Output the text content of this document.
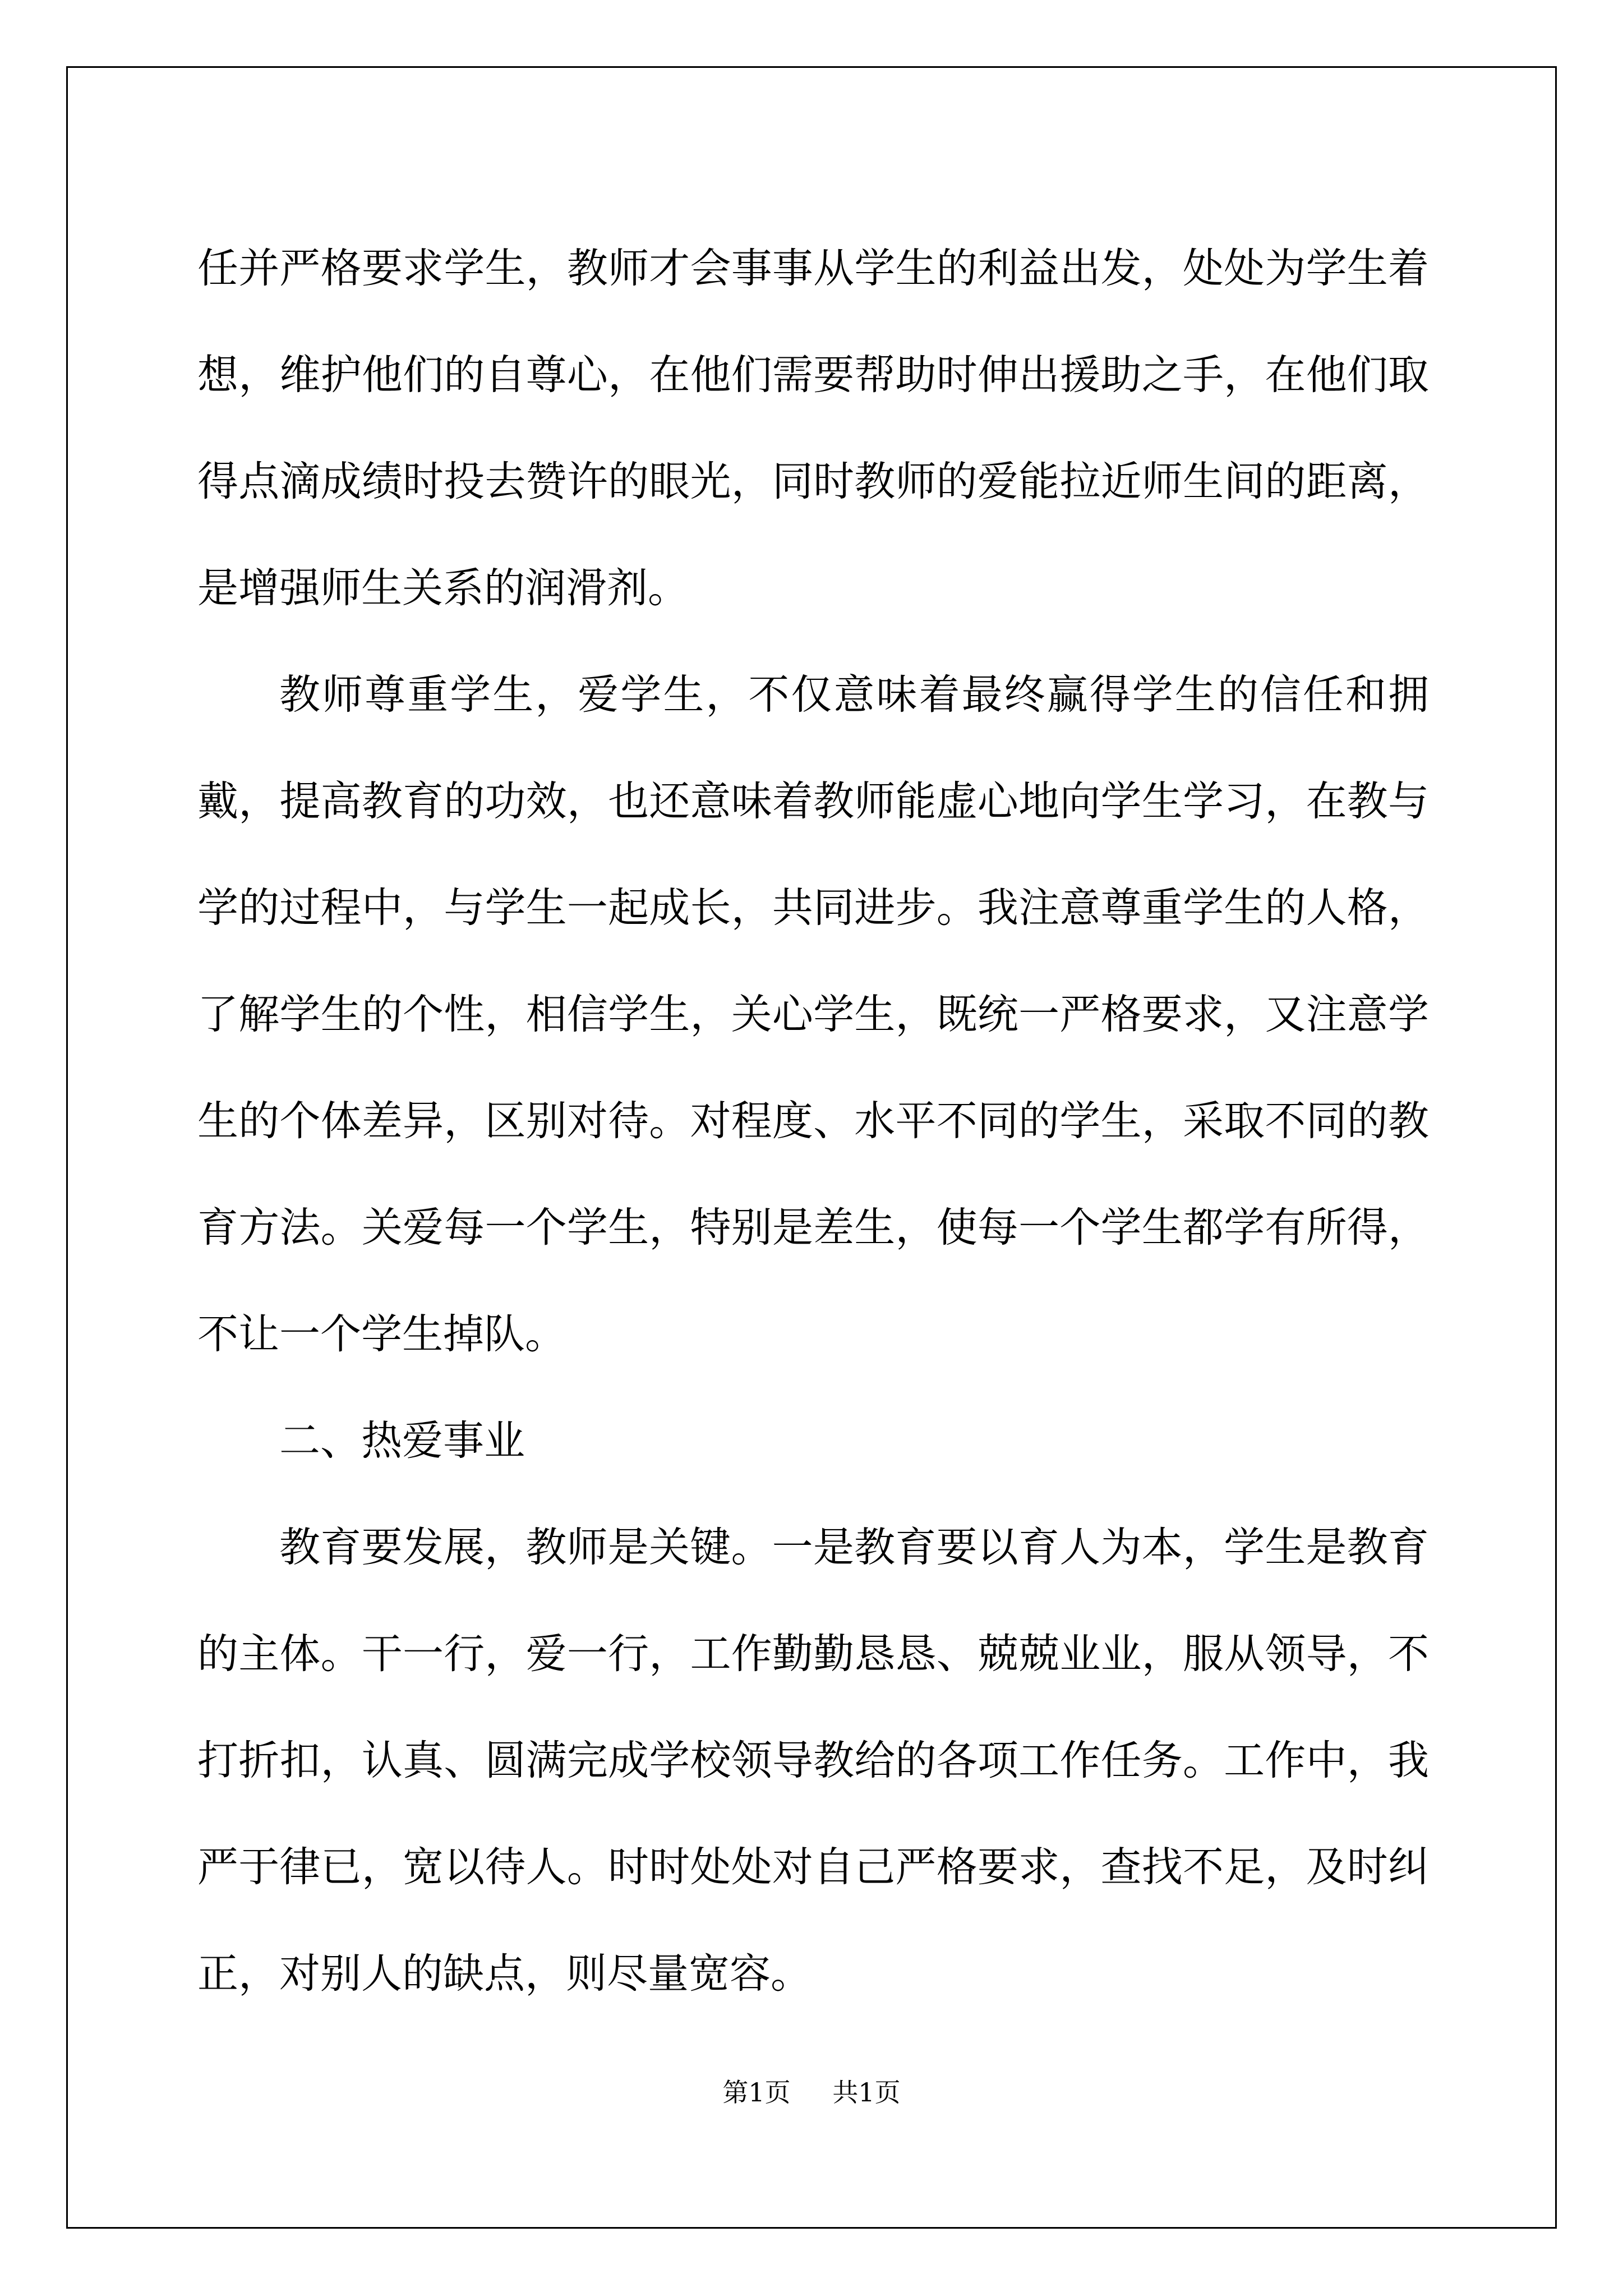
任并严格要求学生，教师才会事事从学生的利益出发，处处为学生着想，维护他们的自尊心，在他们需要帮助时伸出援助之手，在他们取得点滴成绩时投去赞许的眼光，同时教师的爱能拉近师生间的距离，是增强师生关系的润滑剂。

教师尊重学生，爱学生，不仅意味着最终赢得学生的信任和拥戴，提高教育的功效，也还意味着教师能虚心地向学生学习，在教与学的过程中，与学生一起成长，共同进步。我注意尊重学生的人格，了解学生的个性，相信学生，关心学生，既统一严格要求，又注意学生的个体差异，区别对待。对程度、水平不同的学生，采取不同的教育方法。关爱每一个学生，特别是差生，使每一个学生都学有所得，不让一个学生掉队。

二、热爱事业

教育要发展，教师是关键。一是教育要以育人为本，学生是教育的主体。干一行，爱一行，工作勤勤恳恳、兢兢业业，服从领导，不打折扣，认真、圆满完成学校领导教给的各项工作任务。工作中，我严于律已，宽以待人。时时处处对自己严格要求，查找不足，及时纠正，对别人的缺点，则尽量宽容。

第1页 共1页
